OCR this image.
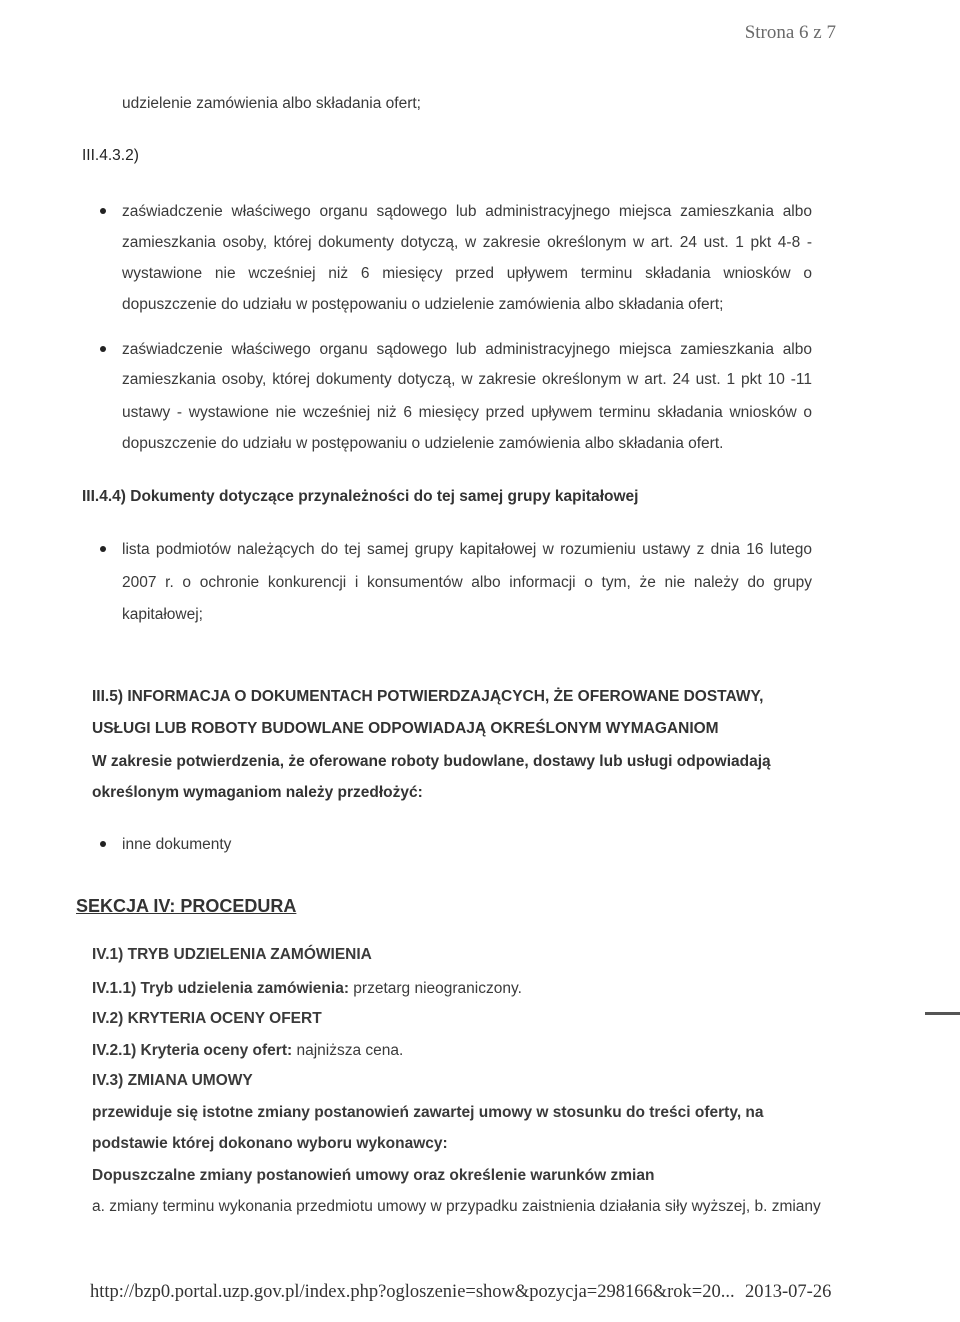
Strona 6 z 7
udzielenie zamówienia albo składania ofert;
III.4.3.2)
zaświadczenie właściwego organu sądowego lub administracyjnego miejsca zamieszkania albo
zamieszkania osoby, której dokumenty dotyczą, w zakresie określonym w art. 24 ust. 1 pkt 4-8 -
wystawione nie wcześniej niż 6 miesięcy przed upływem terminu składania wniosków o
dopuszczenie do udziału w postępowaniu o udzielenie zamówienia albo składania ofert;
zaświadczenie właściwego organu sądowego lub administracyjnego miejsca zamieszkania albo
zamieszkania osoby, której dokumenty dotyczą, w zakresie określonym w art. 24 ust. 1 pkt 10 -11
ustawy - wystawione nie wcześniej niż 6 miesięcy przed upływem terminu składania wniosków o
dopuszczenie do udziału w postępowaniu o udzielenie zamówienia albo składania ofert.
III.4.4) Dokumenty dotyczące przynależności do tej samej grupy kapitałowej
lista podmiotów należących do tej samej grupy kapitałowej w rozumieniu ustawy z dnia 16 lutego
2007 r. o ochronie konkurencji i konsumentów albo informacji o tym, że nie należy do grupy
kapitałowej;
III.5) INFORMACJA O DOKUMENTACH POTWIERDZAJĄCYCH, ŻE OFEROWANE DOSTAWY,
USŁUGI LUB ROBOTY BUDOWLANE ODPOWIADAJĄ OKREŚLONYM WYMAGANIOM
W zakresie potwierdzenia, że oferowane roboty budowlane, dostawy lub usługi odpowiadają
określonym wymaganiom należy przedłożyć:
inne dokumenty
SEKCJA IV: PROCEDURA
IV.1) TRYB UDZIELENIA ZAMÓWIENIA
IV.1.1) Tryb udzielenia zamówienia: przetarg nieograniczony.
IV.2) KRYTERIA OCENY OFERT
IV.2.1) Kryteria oceny ofert: najniższa cena.
IV.3) ZMIANA UMOWY
przewiduje się istotne zmiany postanowień zawartej umowy w stosunku do treści oferty, na
podstawie której dokonano wyboru wykonawcy:
Dopuszczalne zmiany postanowień umowy oraz określenie warunków zmian
a. zmiany terminu wykonania przedmiotu umowy w przypadku zaistnienia działania siły wyższej, b. zmiany
http://bzp0.portal.uzp.gov.pl/index.php?ogloszenie=show&pozycja=298166&rok=20... 2013-07-26
